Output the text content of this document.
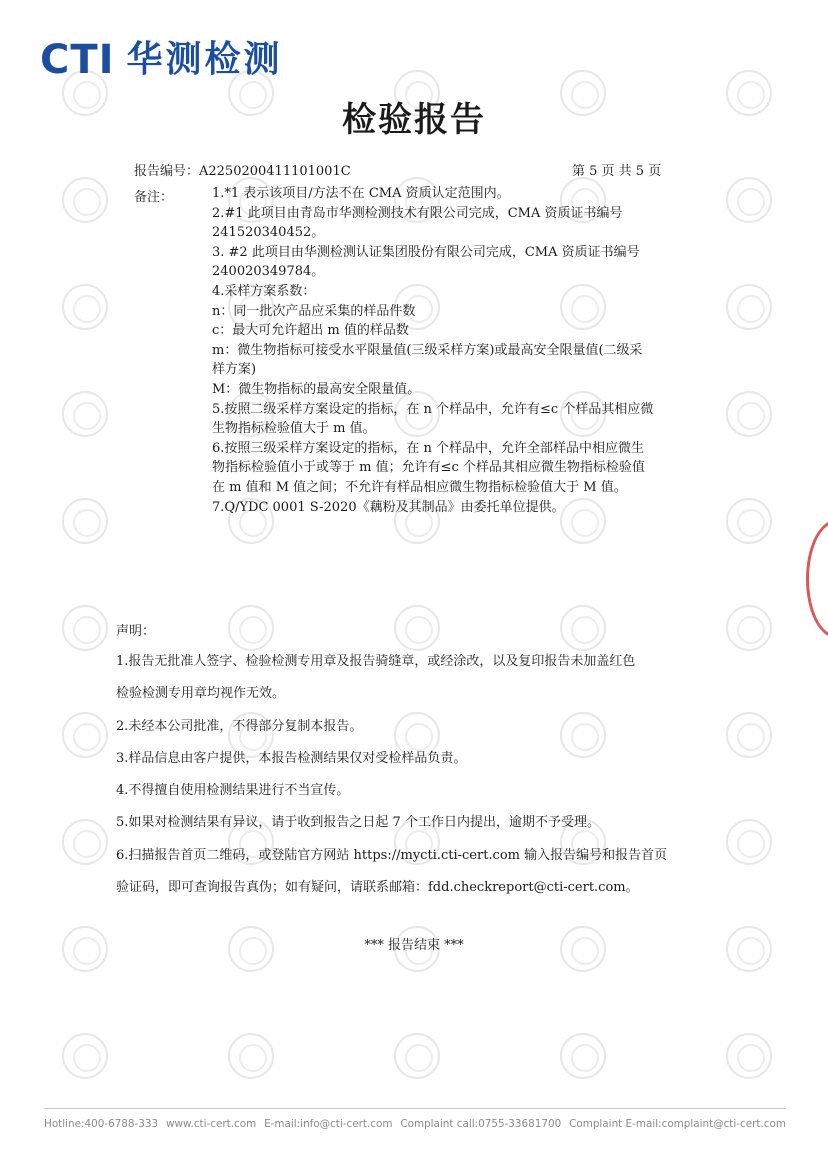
CTI 华测检测
检验报告
报告编号：A2250200411101001C	第 5 页 共 5 页
备注：	1.*1 表示该项目/方法不在 CMA 资质认定范围内。

2.#1 此项目由青岛市华测检测技术有限公司完成，CMA 资质证书编号

241520340452。

3. #2 此项目由华测检测认证集团股份有限公司完成，CMA 资质证书编号

240020349784。

4.采样方案系数：

n：同一批次产品应采集的样品件数

c：最大可允许超出 m 值的样品数

m：微生物指标可接受水平限量值(三级采样方案)或最高安全限量值(二级采

样方案)

M：微生物指标的最高安全限量值。

5.按照二级采样方案设定的指标，在 n 个样品中，允许有≤c 个样品其相应微

生物指标检验值大于 m 值。

6.按照三级采样方案设定的指标，在 n 个样品中，允许全部样品中相应微生

物指标检验值小于或等于 m 值；允许有≤c 个样品其相应微生物指标检验值

在 m 值和 M 值之间；不允许有样品相应微生物指标检验值大于 M 值。

7.Q/YDC 0001 S-2020《藕粉及其制品》由委托单位提供。

声明：

1.报告无批准人签字、检验检测专用章及报告骑缝章，或经涂改，以及复印报告未加盖红色

检验检测专用章均视作无效。

2.未经本公司批准，不得部分复制本报告。

3.样品信息由客户提供，本报告检测结果仅对受检样品负责。

4.不得擅自使用检测结果进行不当宣传。

5.如果对检测结果有异议，请于收到报告之日起 7 个工作日内提出，逾期不予受理。

6.扫描报告首页二维码，或登陆官方网站 https://mycti.cti-cert.com 输入报告编号和报告首页

验证码，即可查询报告真伪；如有疑问，请联系邮箱：fdd.checkreport@cti-cert.com。

*** 报告结束 ***
Hotline:400-6788-333 www.cti-cert.com E-mail:info@cti-cert.com Complaint call:0755-33681700 Complaint E-mail:complaint@cti-cert.com
